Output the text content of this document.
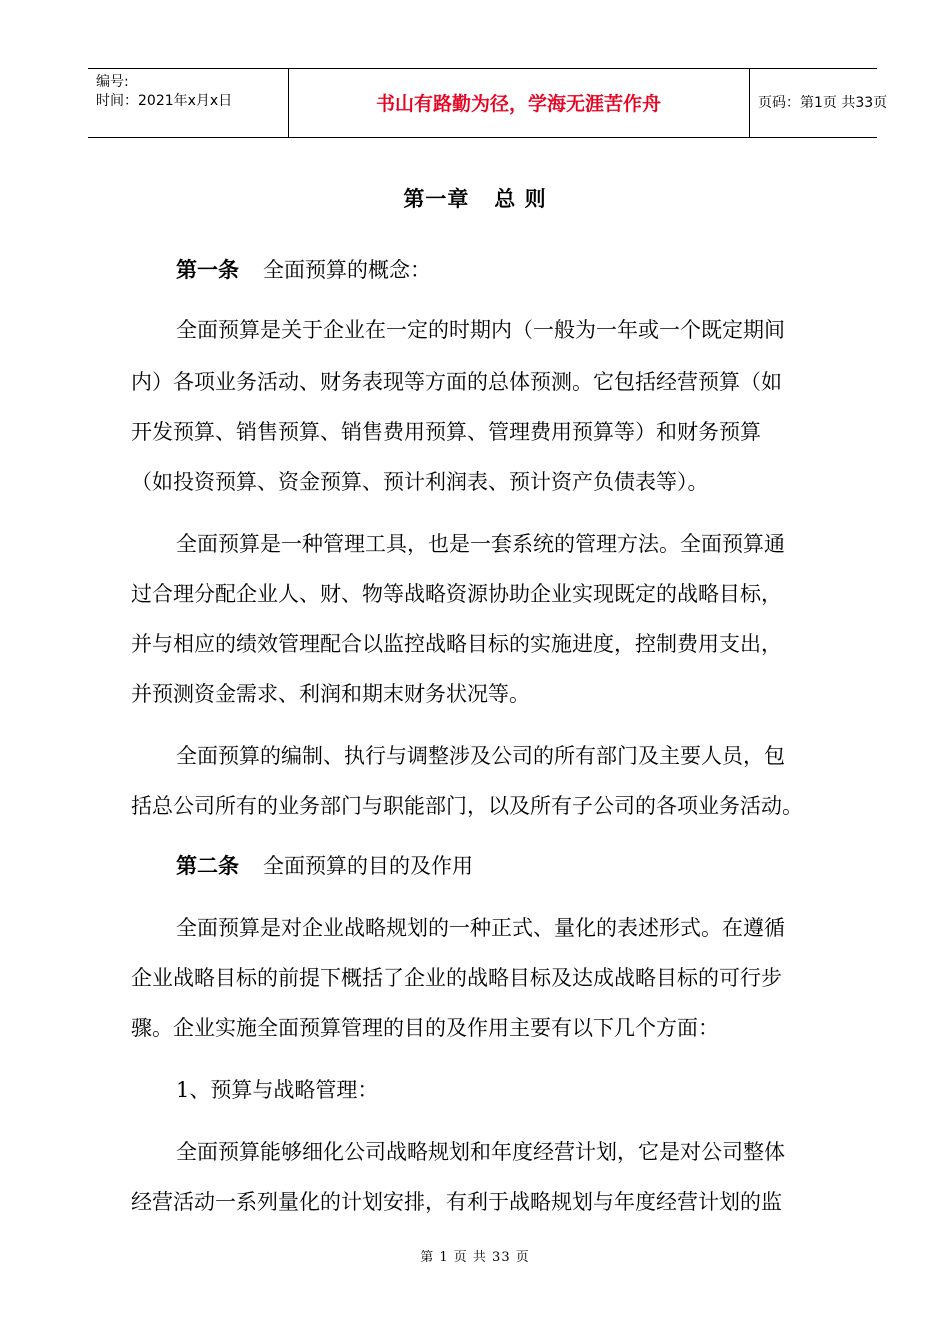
编号:
时间：2021年x月x日	书山有路勤为径，学海无涯苦作舟	页码：第1页 共33页
第一章   总 则
第一条 全面预算的概念：
全面预算是关于企业在一定的时期内（一般为一年或一个既定期间
内）各项业务活动、财务表现等方面的总体预测。它包括经营预算（如
开发预算、销售预算、销售费用预算、管理费用预算等）和财务预算
（如投资预算、资金预算、预计利润表、预计资产负债表等）。
全面预算是一种管理工具，也是一套系统的管理方法。全面预算通
过合理分配企业人、财、物等战略资源协助企业实现既定的战略目标，
并与相应的绩效管理配合以监控战略目标的实施进度，控制费用支出，
并预测资金需求、利润和期末财务状况等。
全面预算的编制、执行与调整涉及公司的所有部门及主要人员，包
括总公司所有的业务部门与职能部门，以及所有子公司的各项业务活动。
第二条 全面预算的目的及作用
全面预算是对企业战略规划的一种正式、量化的表述形式。在遵循
企业战略目标的前提下概括了企业的战略目标及达成战略目标的可行步
骤。企业实施全面预算管理的目的及作用主要有以下几个方面：
1、预算与战略管理：
全面预算能够细化公司战略规划和年度经营计划，它是对公司整体
经营活动一系列量化的计划安排，有利于战略规划与年度经营计划的监
第 1 页 共 33 页
